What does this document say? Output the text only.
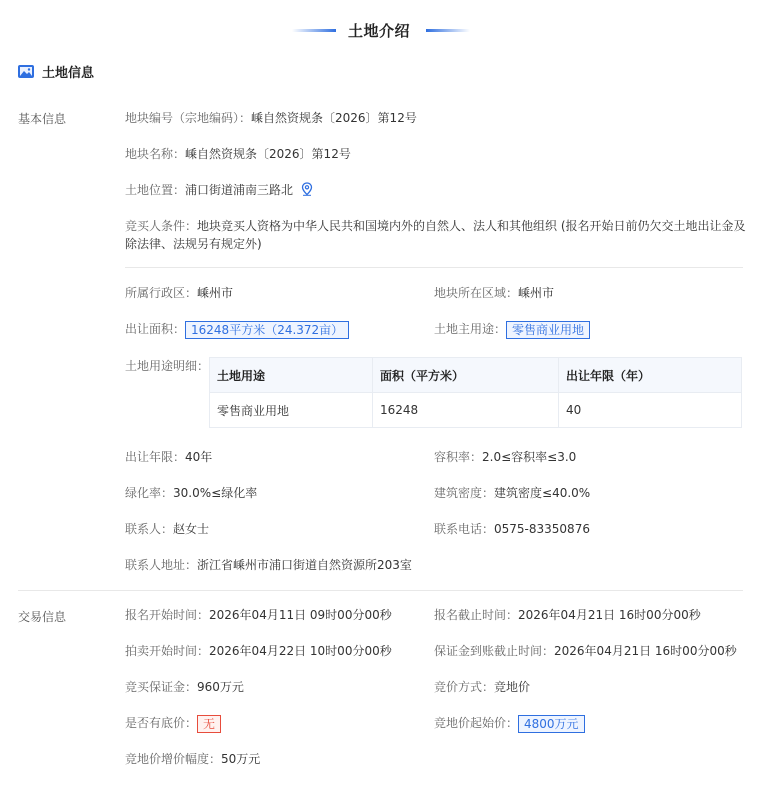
土地介绍
土地信息
基本信息	地块编号（宗地编码）：嵊自然资规条〔2026〕第12号
地块名称：嵊自然资规条〔2026〕第12号
土地位置：浦口街道浦南三路北
竞买人条件：地块竞买人资格为中华人民共和国境内外的自然人、法人和其他组织 (报名开始日前仍欠交土地出让金及除法律、法规另有规定外)
所属行政区：嵊州市	地块所在区域：嵊州市
出让面积： 16248平方米（24.372亩）	土地主用途： 零售商业用地
土地用途明细：
土地用途	面积（平方米）	出让年限（年）
零售商业用地	16248	40
出让年限：40年	容积率：2.0≤容积率≤3.0
绿化率：30.0%≤绿化率	建筑密度：建筑密度≤40.0%
联系人：赵女士	联系电话：0575-83350876
联系人地址：浙江省嵊州市浦口街道自然资源所203室
交易信息	报名开始时间：2026年04月11日 09时00分00秒	报名截止时间：2026年04月21日 16时00分00秒
拍卖开始时间：2026年04月22日 10时00分00秒	保证金到账截止时间：2026年04月21日 16时00分00秒
竞买保证金：960万元	竞价方式：竞地价
是否有底价： 无	竞地价起始价： 4800万元
竞地价增价幅度：50万元
